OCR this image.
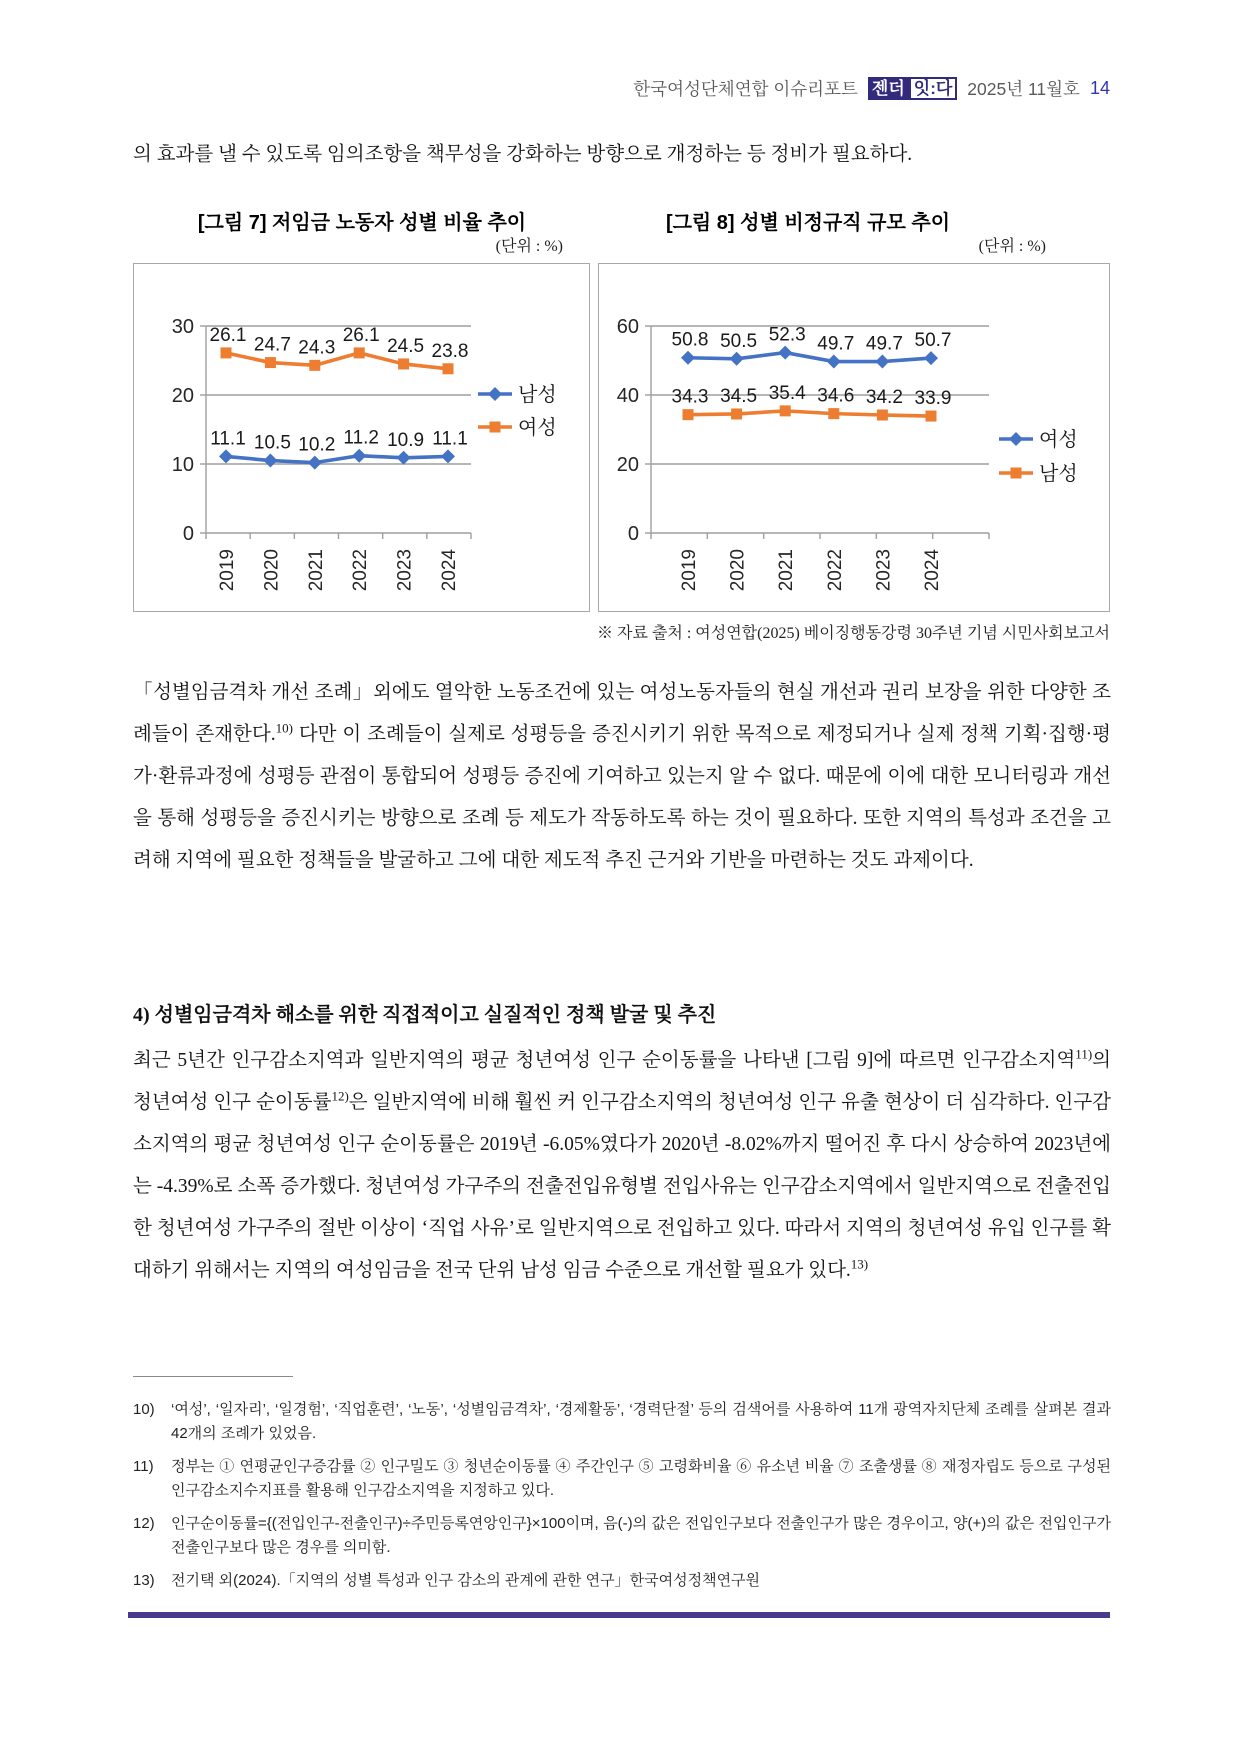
한국여성단체연합 이슈리포트 젠더 잇:다 2025년 11월호 14
의 효과를 낼 수 있도록 임의조항을 책무성을 강화하는 방향으로 개정하는 등 정비가 필요하다.
[그림 7] 저임금 노동자 성별 비율 추이
(단위 : %)
[그림 8] 성별 비정규직 규모 추이
(단위 : %)
0
10
20
30
2019 2020 2021 2022 2023 2024
11.1 10.5 10.2 11.2 10.9 11.1
26.1 24.7 24.3
26.1
24.5 23.8
남성
여성
0
20
40
60
2019 2020 2021 2022 2023 2024
50.8 50.5 52.3 49.7 49.7 50.7
34.3 34.5 35.4 34.6 34.2 33.9
여성
남성
※ 자료 출처 : 여성연합(2025) 베이징행동강령 30주년 기념 시민사회보고서
「성별임금격차 개선 조례」외에도 열악한 노동조건에 있는 여성노동자들의 현실 개선과 권리 보장을 위한 다양한 조례들이 존재한다.$^{10)}$ 다만 이 조례들이 실제로 성평등을 증진시키기 위한 목적으로 제정되거나 실제 정책 기획·집행·평가·환류과정에 성평등 관점이 통합되어 성평등 증진에 기여하고 있는지 알 수 없다. 때문에 이에 대한 모니터링과 개선을 통해 성평등을 증진시키는 방향으로 조례 등 제도가 작동하도록 하는 것이 필요하다. 또한 지역의 특성과 조건을 고려해 지역에 필요한 정책들을 발굴하고 그에 대한 제도적 추진 근거와 기반을 마련하는 것도 과제이다.
4) 성별임금격차 해소를 위한 직접적이고 실질적인 정책 발굴 및 추진
최근 5년간 인구감소지역과 일반지역의 평균 청년여성 인구 순이동률을 나타낸 [그림 9]에 따르면 인구감소지역$^{11)}$의 청년여성 인구 순이동률$^{12)}$은 일반지역에 비해 훨씬 커 인구감소지역의 청년여성 인구 유출 현상이 더 심각하다. 인구감소지역의 평균 청년여성 인구 순이동률은 2019년 -6.05%였다가 2020년 -8.02%까지 떨어진 후 다시 상승하여 2023년에는 -4.39%로 소폭 증가했다. 청년여성 가구주의 전출전입유형별 전입사유는 인구감소지역에서 일반지역으로 전출전입한 청년여성 가구주의 절반 이상이 ‘직업 사유’로 일반지역으로 전입하고 있다. 따라서 지역의 청년여성 유입 인구를 확대하기 위해서는 지역의 여성임금을 전국 단위 남성 임금 수준으로 개선할 필요가 있다.$^{13)}$
10)	‘여성’, ‘일자리’, ‘일경험’, ‘직업훈련’, ‘노동’, ‘성별임금격차’, ‘경제활동’, ‘경력단절’ 등의 검색어를 사용하여 11개 광역자치단체 조례를 살펴본 결과 42개의 조례가 있었음.
11)	정부는 ① 연평균인구증감률 ② 인구밀도 ③ 청년순이동률 ④ 주간인구 ⑤ 고령화비율 ⑥ 유소년 비율 ⑦ 조출생률 ⑧ 재정자립도 등으로 구성된 인구감소지수지표를 활용해 인구감소지역을 지정하고 있다.
12)	인구순이동률={(전입인구-전출인구)÷주민등록연앙인구}×100이며, 음(-)의 값은 전입인구보다 전출인구가 많은 경우이고, 양(+)의 값은 전입인구가 전출인구보다 많은 경우를 의미함.
13)	전기택 외(2024).「지역의 성별 특성과 인구 감소의 관계에 관한 연구」한국여성정책연구원
